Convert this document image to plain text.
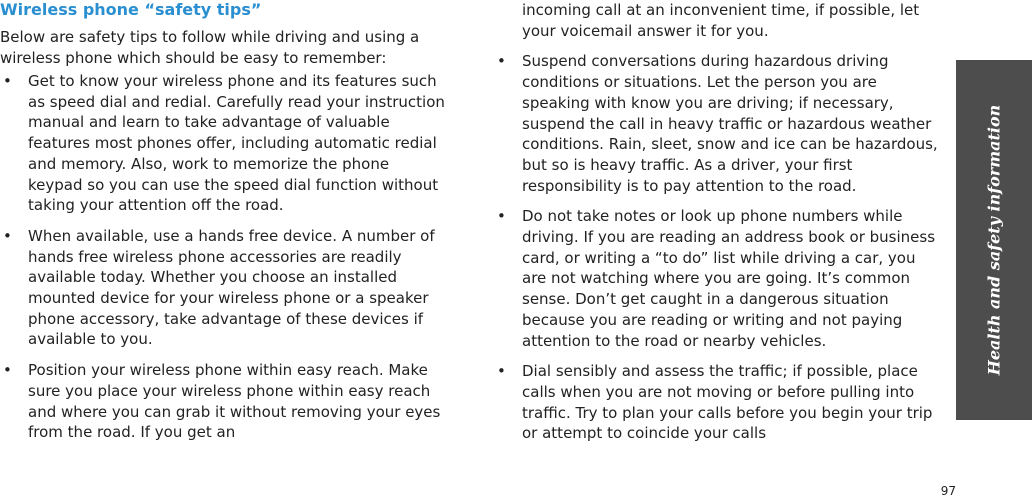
Wireless phone “safety tips”

Below are safety tips to follow while driving and using a wireless phone which should be easy to remember:

• Get to know your wireless phone and its features such as speed dial and redial. Carefully read your instruction manual and learn to take advantage of valuable features most phones offer, including automatic redial and memory. Also, work to memorize the phone keypad so you can use the speed dial function without taking your attention off the road.
• When available, use a hands free device. A number of hands free wireless phone accessories are readily available today. Whether you choose an installed mounted device for your wireless phone or a speaker phone accessory, take advantage of these devices if available to you.
• Position your wireless phone within easy reach. Make sure you place your wireless phone within easy reach and where you can grab it without removing your eyes from the road. If you get an

incoming call at an inconvenient time, if possible, let your voicemail answer it for you.

• Suspend conversations during hazardous driving conditions or situations. Let the person you are speaking with know you are driving; if necessary, suspend the call in heavy traffic or hazardous weather conditions. Rain, sleet, snow and ice can be hazardous, but so is heavy traffic. As a driver, your first responsibility is to pay attention to the road.
• Do not take notes or look up phone numbers while driving. If you are reading an address book or business card, or writing a “to do” list while driving a car, you are not watching where you are going. It’s common sense. Don’t get caught in a dangerous situation because you are reading or writing and not paying attention to the road or nearby vehicles.
• Dial sensibly and assess the traffic; if possible, place calls when you are not moving or before pulling into traffic. Try to plan your calls before you begin your trip or attempt to coincide your calls
Health and safety information
97
